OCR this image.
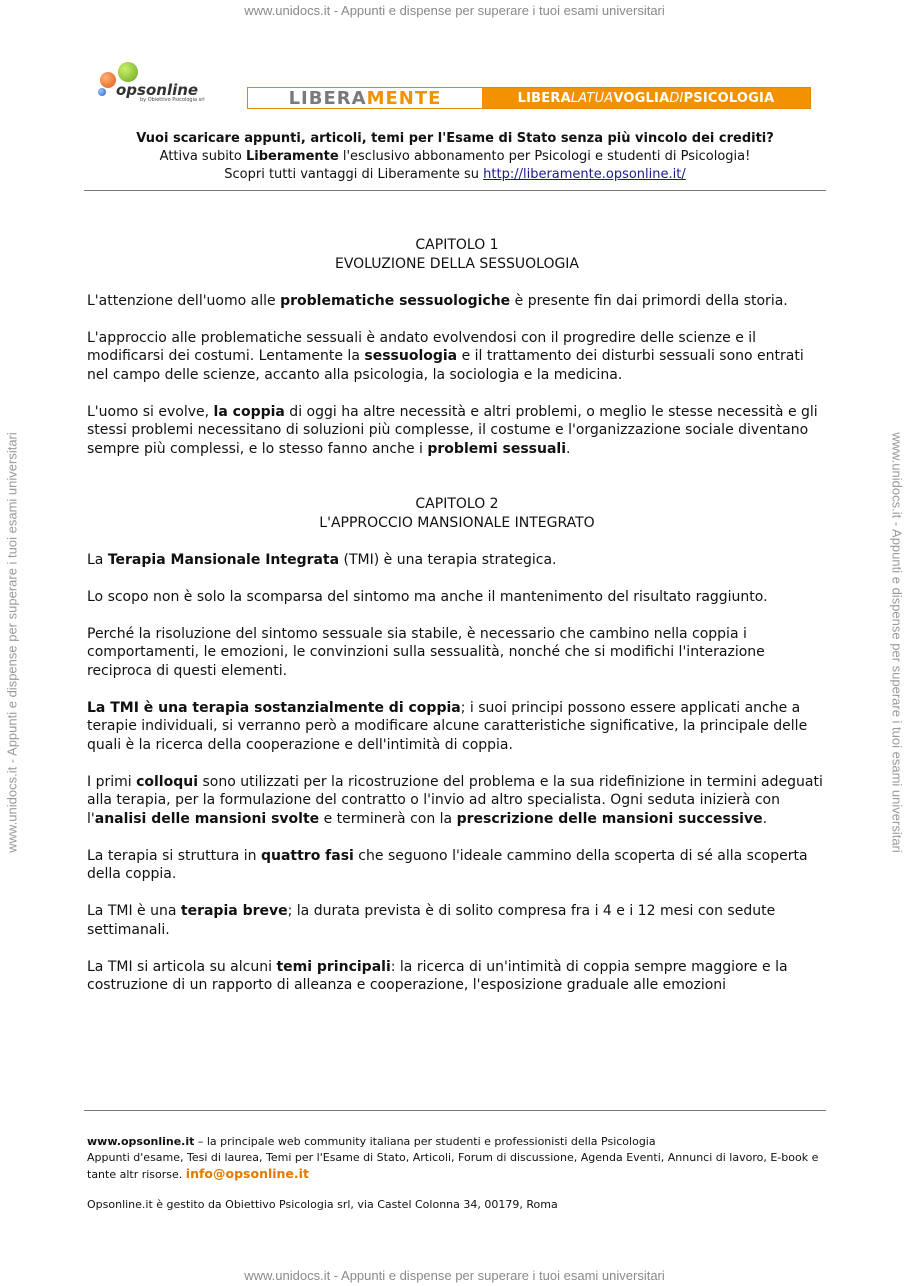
www.unidocs.it - Appunti e dispense per superare i tuoi esami universitari
www.unidocs.it - Appunti e dispense per superare i tuoi esami universitari	www.unidocs.it - Appunti e dispense per superare i tuoi esami universitari
opsonline
by Obiettivo Psicologia srl	LIBERA MENTE	LIBERA LATUA VOGLIA DI PSICOLOGIA
Vuoi scaricare appunti, articoli, temi per l'Esame di Stato senza più vincolo dei crediti?
Attiva subito Liberamente l'esclusivo abbonamento per Psicologi e studenti di Psicologia!
Scopri tutti vantaggi di Liberamente su http://liberamente.opsonline.it/

CAPITOLO 1

EVOLUZIONE DELLA SESSUOLOGIA

L'attenzione dell'uomo alle problematiche sessuologiche è presente fin dai primordi della storia.

L'approccio alle problematiche sessuali è andato evolvendosi con il progredire delle scienze e il modificarsi dei costumi. Lentamente la sessuologia e il trattamento dei disturbi sessuali sono entrati nel campo delle scienze, accanto alla psicologia, la sociologia e la medicina.

L'uomo si evolve, la coppia di oggi ha altre necessità e altri problemi, o meglio le stesse necessità e gli stessi problemi necessitano di soluzioni più complesse, il costume e l'organizzazione sociale diventano sempre più complessi, e lo stesso fanno anche i problemi sessuali.

CAPITOLO 2

L'APPROCCIO MANSIONALE INTEGRATO

La Terapia Mansionale Integrata (TMI) è una terapia strategica.

Lo scopo non è solo la scomparsa del sintomo ma anche il mantenimento del risultato raggiunto.

Perché la risoluzione del sintomo sessuale sia stabile, è necessario che cambino nella coppia i comportamenti, le emozioni, le convinzioni sulla sessualità, nonché che si modifichi l'interazione reciproca di questi elementi.

La TMI è una terapia sostanzialmente di coppia; i suoi principi possono essere applicati anche a terapie individuali, si verranno però a modificare alcune caratteristiche significative, la principale delle quali è la ricerca della cooperazione e dell'intimità di coppia.

I primi colloqui sono utilizzati per la ricostruzione del problema e la sua ridefinizione in termini adeguati alla terapia, per la formulazione del contratto o l'invio ad altro specialista. Ogni seduta inizierà con l'analisi delle mansioni svolte e terminerà con la prescrizione delle mansioni successive.

La terapia si struttura in quattro fasi che seguono l'ideale cammino della scoperta di sé alla scoperta della coppia.

La TMI è una terapia breve; la durata prevista è di solito compresa fra i 4 e i 12 mesi con sedute settimanali.

La TMI si articola su alcuni temi principali: la ricerca di un'intimità di coppia sempre maggiore e la costruzione di un rapporto di alleanza e cooperazione, l'esposizione graduale alle emozioni

www.opsonline.it – la principale web community italiana per studenti e professionisti della Psicologia
Appunti d'esame, Tesi di laurea, Temi per l'Esame di Stato, Articoli, Forum di discussione, Agenda Eventi, Annunci di lavoro, E-book e tante altr risorse. info@opsonline.it
Opsonline.it è gestito da Obiettivo Psicologia srl, via Castel Colonna 34, 00179, Roma
www.unidocs.it - Appunti e dispense per superare i tuoi esami universitari
